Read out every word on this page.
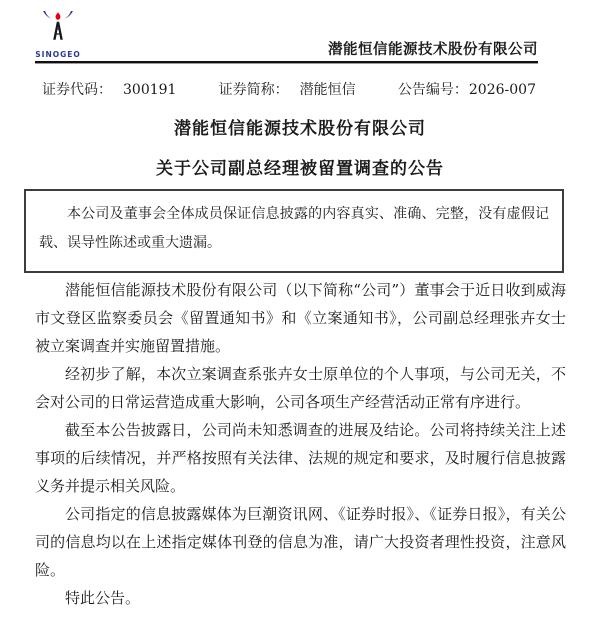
SINOGEO	潜能恒信能源技术股份有限公司
证券代码： 300191	证券简称： 潜能恒信	公告编号：2026-007
潜能恒信能源技术股份有限公司
关于公司副总经理被留置调查的公告

本公司及董事会全体成员保证信息披露的内容真实、准确、完整，没有虚假记载、误导性陈述或重大遗漏。

潜能恒信能源技术股份有限公司（以下简称“公司”）董事会于近日收到威海市文登区监察委员会《留置通知书》和《立案通知书》，公司副总经理张卉女士被立案调查并实施留置措施。

经初步了解，本次立案调查系张卉女士原单位的个人事项，与公司无关，不会对公司的日常运营造成重大影响，公司各项生产经营活动正常有序进行。

截至本公告披露日，公司尚未知悉调查的进展及结论。公司将持续关注上述事项的后续情况，并严格按照有关法律、法规的规定和要求，及时履行信息披露义务并提示相关风险。

公司指定的信息披露媒体为巨潮资讯网、《证券时报》、《证券日报》，有关公司的信息均以在上述指定媒体刊登的信息为准，请广大投资者理性投资，注意风险。

特此公告。
